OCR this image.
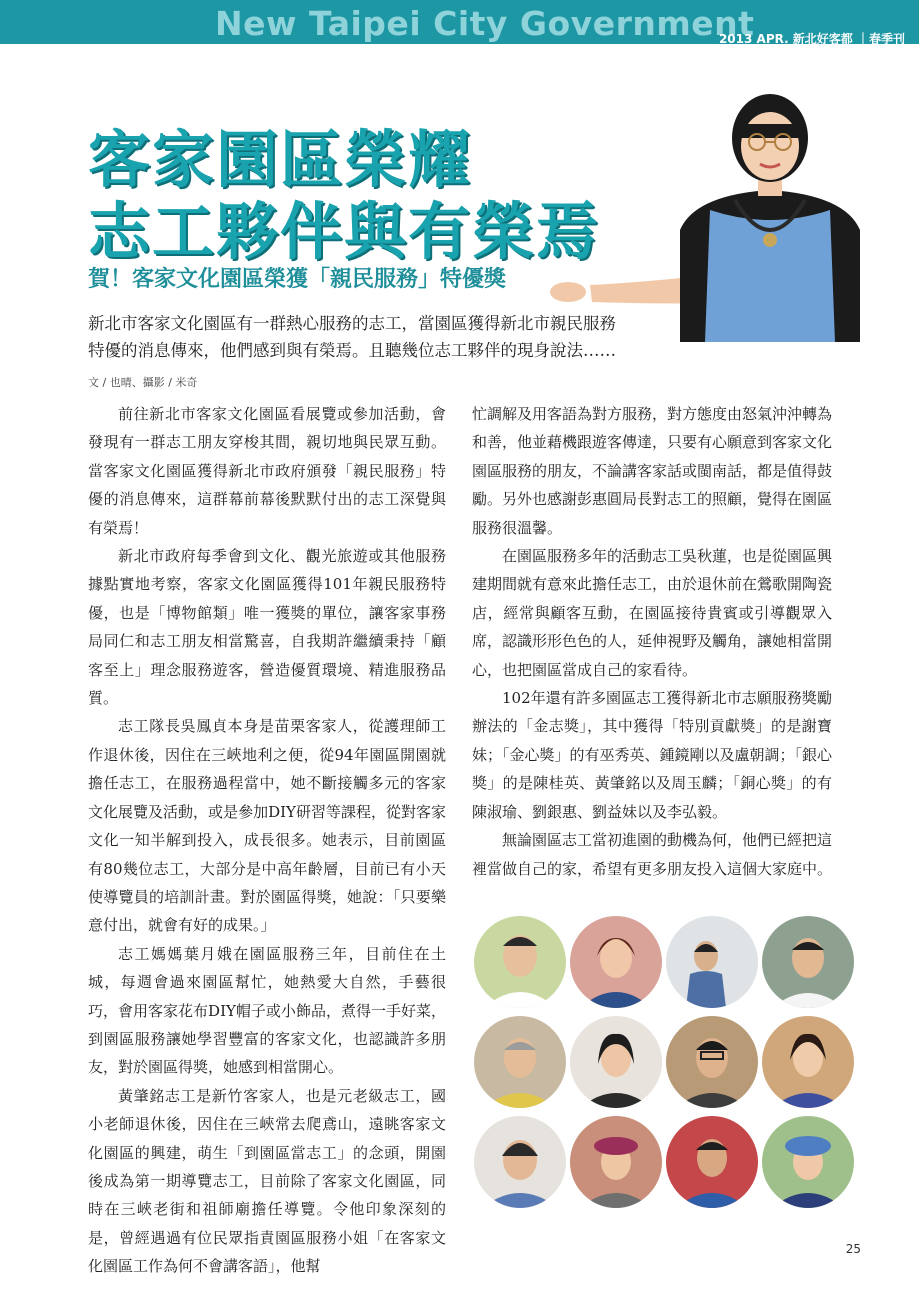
New Taipei City Government
2013 APR. 新北好客都 ｜春季刊
客家園區榮耀
志工夥伴與有榮焉
賀！客家文化園區榮獲「親民服務」特優獎
新北市客家文化園區有一群熱心服務的志工，當園區獲得新北市親民服務特優的消息傳來，他們感到與有榮焉。且聽幾位志工夥伴的現身說法……
文 / 也晴、攝影 / 米奇

前往新北市客家文化園區看展覽或參加活動，會發現有一群志工朋友穿梭其間，親切地與民眾互動。當客家文化園區獲得新北市政府頒發「親民服務」特優的消息傳來，這群幕前幕後默默付出的志工深覺與有榮焉！

新北市政府每季會到文化、觀光旅遊或其他服務據點實地考察，客家文化園區獲得101年親民服務特優，也是「博物館類」唯一獲獎的單位，讓客家事務局同仁和志工朋友相當驚喜，自我期許繼續秉持「顧客至上」理念服務遊客，營造優質環境、精進服務品質。

志工隊長吳鳳貞本身是苗栗客家人，從護理師工作退休後，因住在三峽地利之便，從94年園區開園就擔任志工，在服務過程當中，她不斷接觸多元的客家文化展覽及活動，或是參加DIY研習等課程，從對客家文化一知半解到投入，成長很多。她表示，目前園區有80幾位志工，大部分是中高年齡層，目前已有小天使導覽員的培訓計畫。對於園區得獎，她說：「只要樂意付出，就會有好的成果。」

志工媽媽葉月娥在園區服務三年，目前住在土城，每週會過來園區幫忙，她熱愛大自然，手藝很巧，會用客家花布DIY帽子或小飾品，煮得一手好菜，到園區服務讓她學習豐富的客家文化，也認識許多朋友，對於園區得獎，她感到相當開心。

黃肇銘志工是新竹客家人，也是元老級志工，國小老師退休後，因住在三峽常去爬鳶山，遠眺客家文化園區的興建，萌生「到園區當志工」的念頭，開園後成為第一期導覽志工，目前除了客家文化園區，同時在三峽老街和祖師廟擔任導覽。令他印象深刻的是，曾經遇過有位民眾指責園區服務小姐「在客家文化園區工作為何不會講客語」，他幫

忙調解及用客語為對方服務，對方態度由怒氣沖沖轉為和善，他並藉機跟遊客傳達，只要有心願意到客家文化園區服務的朋友，不論講客家話或閩南話，都是值得鼓勵。另外也感謝彭惠圓局長對志工的照顧，覺得在園區服務很溫馨。

在園區服務多年的活動志工吳秋蓮，也是從園區興建期間就有意來此擔任志工，由於退休前在鶯歌開陶瓷店，經常與顧客互動，在園區接待貴賓或引導觀眾入席，認識形形色色的人，延伸視野及觸角，讓她相當開心，也把園區當成自己的家看待。

102年還有許多園區志工獲得新北市志願服務獎勵辦法的「金志獎」，其中獲得「特別貢獻獎」的是謝寶妹；「金心獎」的有巫秀英、鍾鏡剛以及盧朝調；「銀心獎」的是陳桂英、黃肇銘以及周玉麟；「銅心獎」的有陳淑瑜、劉銀惠、劉益妹以及李弘毅。

無論園區志工當初進園的動機為何，他們已經把這裡當做自己的家，希望有更多朋友投入這個大家庭中。

25
